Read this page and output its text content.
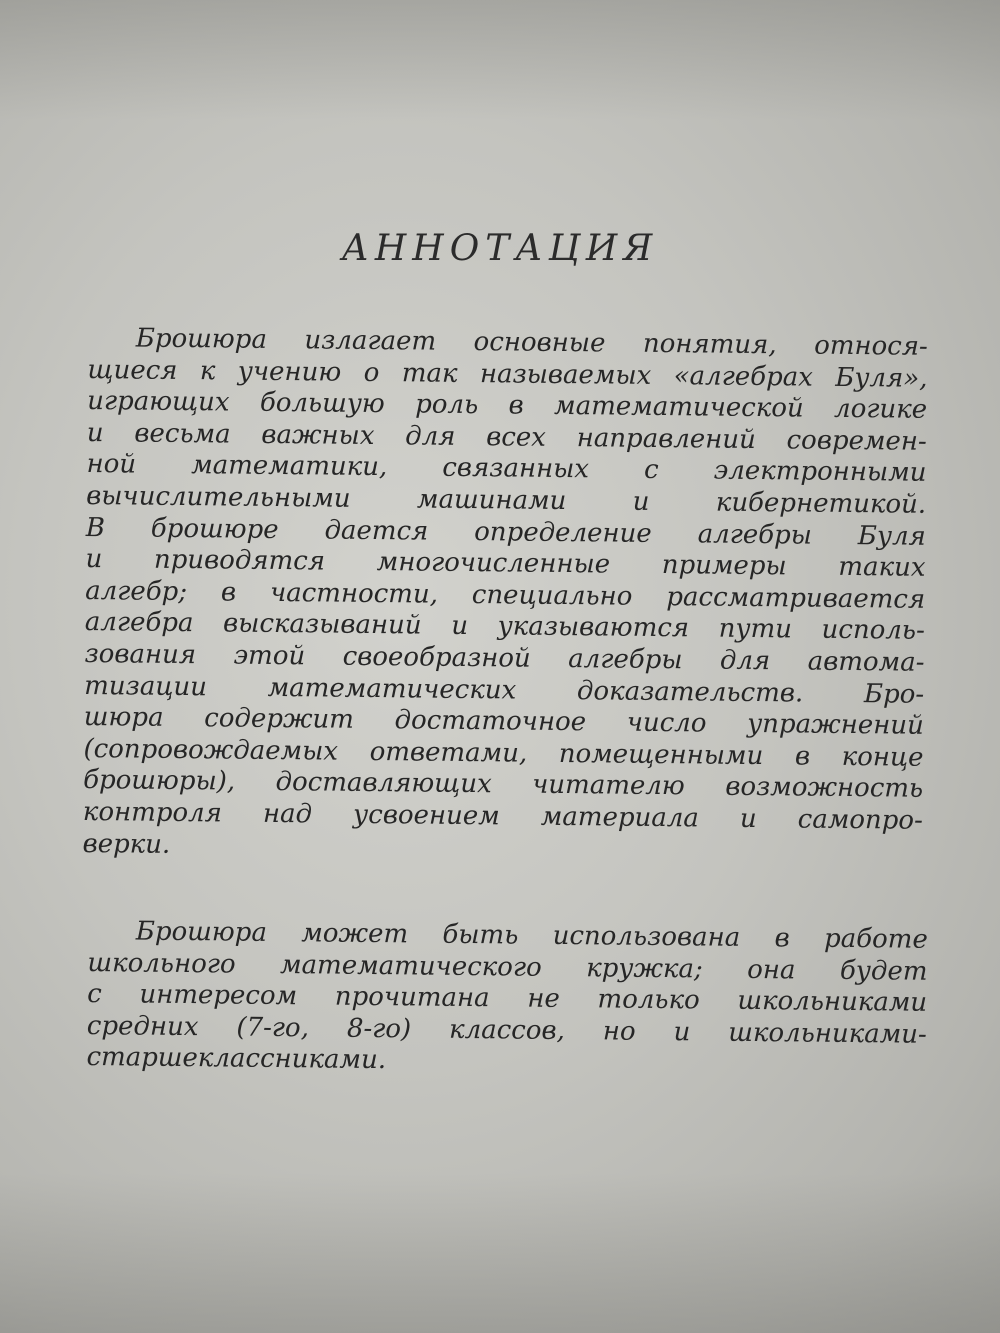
АННОТАЦИЯ
Брошюра излагает основные понятия, относя-
щиеся к учению о так называемых «алгебрах Буля»,
играющих большую роль в математической логике
и весьма важных для всех направлений современ-
ной математики, связанных с электронными
вычислительными машинами и кибернетикой.
В брошюре дается определение алгебры Буля
и приводятся многочисленные примеры таких
алгебр; в частности, специально рассматривается
алгебра высказываний и указываются пути исполь-
зования этой своеобразной алгебры для автома-
тизации математических доказательств. Бро-
шюра содержит достаточное число упражнений
(сопровождаемых ответами, помещенными в конце
брошюры), доставляющих читателю возможность
контроля над усвоением материала и самопро-
верки.
Брошюра может быть использована в работе
школьного математического кружка; она будет
с интересом прочитана не только школьниками
средних (7-го, 8-го) классов, но и школьниками-
старшеклассниками.
